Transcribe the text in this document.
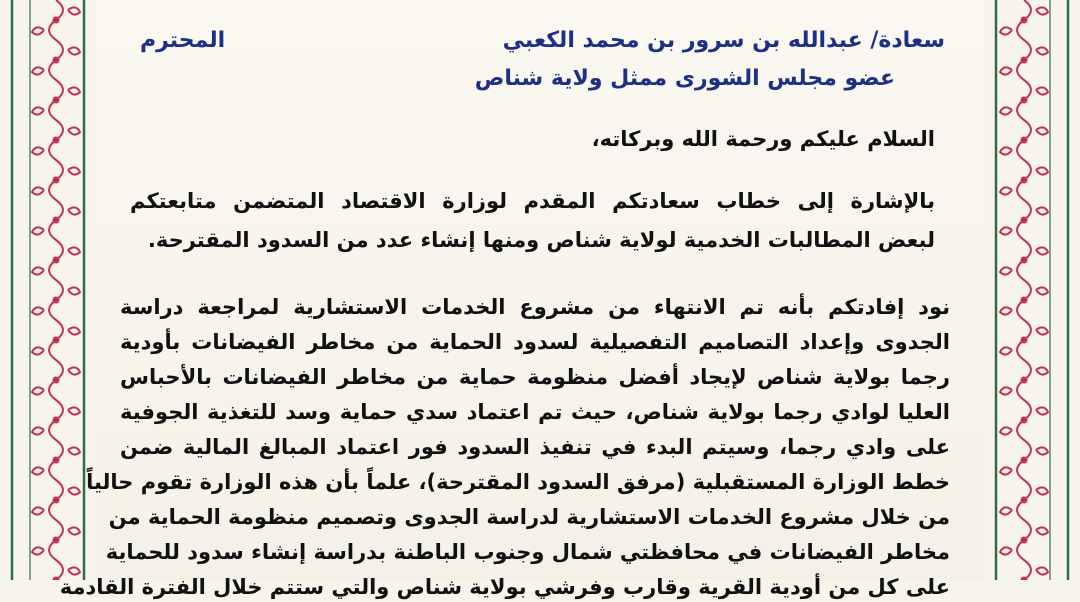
سعادة/ عبدالله بن سرور بن محمد الكعبي
عضو مجلس الشورى ممثل ولاية شناص
المحترم
السلام عليكم ورحمة الله وبركاته،
بالإشارة إلى خطاب سعادتكم المقدم لوزارة الاقتصاد المتضمن متابعتكم
لبعض المطالبات الخدمية لولاية شناص ومنها إنشاء عدد من السدود المقترحة.
نود إفادتكم بأنه تم الانتهاء من مشروع الخدمات الاستشارية لمراجعة دراسة
الجدوى وإعداد التصاميم التفصيلية لسدود الحماية من مخاطر الفيضانات بأودية
رجما بولاية شناص لإيجاد أفضل منظومة حماية من مخاطر الفيضانات بالأحباس
العليا لوادي رجما بولاية شناص، حيث تم اعتماد سدي حماية وسد للتغذية الجوفية
على وادي رجما، وسيتم البدء في تنفيذ السدود فور اعتماد المبالغ المالية ضمن
خطط الوزارة المستقبلية (مرفق السدود المقترحة)، علماً بأن هذه الوزارة تقوم حالياً
من خلال مشروع الخدمات الاستشارية لدراسة الجدوى وتصميم منظومة الحماية من
مخاطر الفيضانات في محافظتي شمال وجنوب الباطنة بدراسة إنشاء سدود للحماية
على كل من أودية القرية وقارب وفرشي بولاية شناص والتي ستتم خلال الفترة القادمة
